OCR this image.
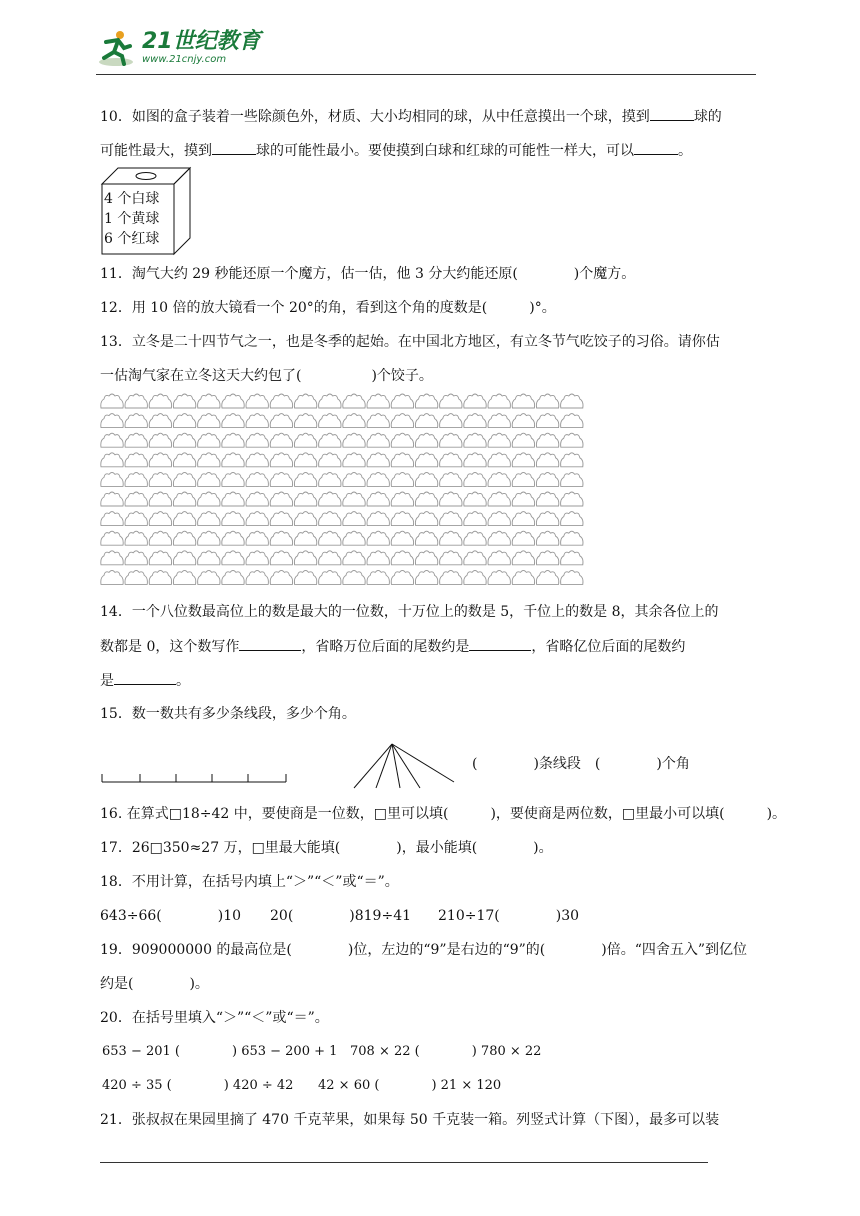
21世纪教育
www.21cnjy.com
10．如图的盒子装着一些除颜色外，材质、大小均相同的球，从中任意摸出一个球，摸到	球的
可能性最大，摸到	球的可能性最小。要使摸到白球和红球的可能性一样大，可以	。
4 个白球
1 个黄球
6 个红球
11．淘气大约 29 秒能还原一个魔方，估一估，他 3 分大约能还原(　　　　)个魔方。
12．用 10 倍的放大镜看一个 20°的角，看到这个角的度数是(　　　)°。
13．立冬是二十四节气之一，也是冬季的起始。在中国北方地区，有立冬节气吃饺子的习俗。请你估
一估淘气家在立冬这天大约包了(　　　　　)个饺子。
14．一个八位数最高位上的数是最大的一位数，十万位上的数是 5，千位上的数是 8，其余各位上的
数都是 0，这个数写作	，省略万位后面的尾数约是	，省略亿位后面的尾数约
是	。
15．数一数共有多少条线段，多少个角。
(　　　　)条线段　(　　　　)个角
16. 在算式□18÷42 中，要使商是一位数，□里可以填(　　　)，要使商是两位数，□里最小可以填(　　　)。
17．26□350≈27 万，□里最大能填(　　　　)，最小能填(　　　　)。
18．不用计算，在括号内填上“＞”“＜”或“＝”。
643÷66(　　　　)10 20(　　　　)819÷41 210÷17(　　　　)30
19．909000000 的最高位是(　　　　)位，左边的“9”是右边的“9”的(　　　　)倍。“四舍五入”到亿位
约是(　　　　)。
20．在括号里填入“＞”“＜”或“＝”。
653 − 201 (　　　　) 653 − 200 + 1 708 × 22 (　　　　) 780 × 22
420 ÷ 35 (　　　　) 420 ÷ 42 42 × 60 (　　　　) 21 × 120
21．张叔叔在果园里摘了 470 千克苹果，如果每 50 千克装一箱。列竖式计算（下图），最多可以装
